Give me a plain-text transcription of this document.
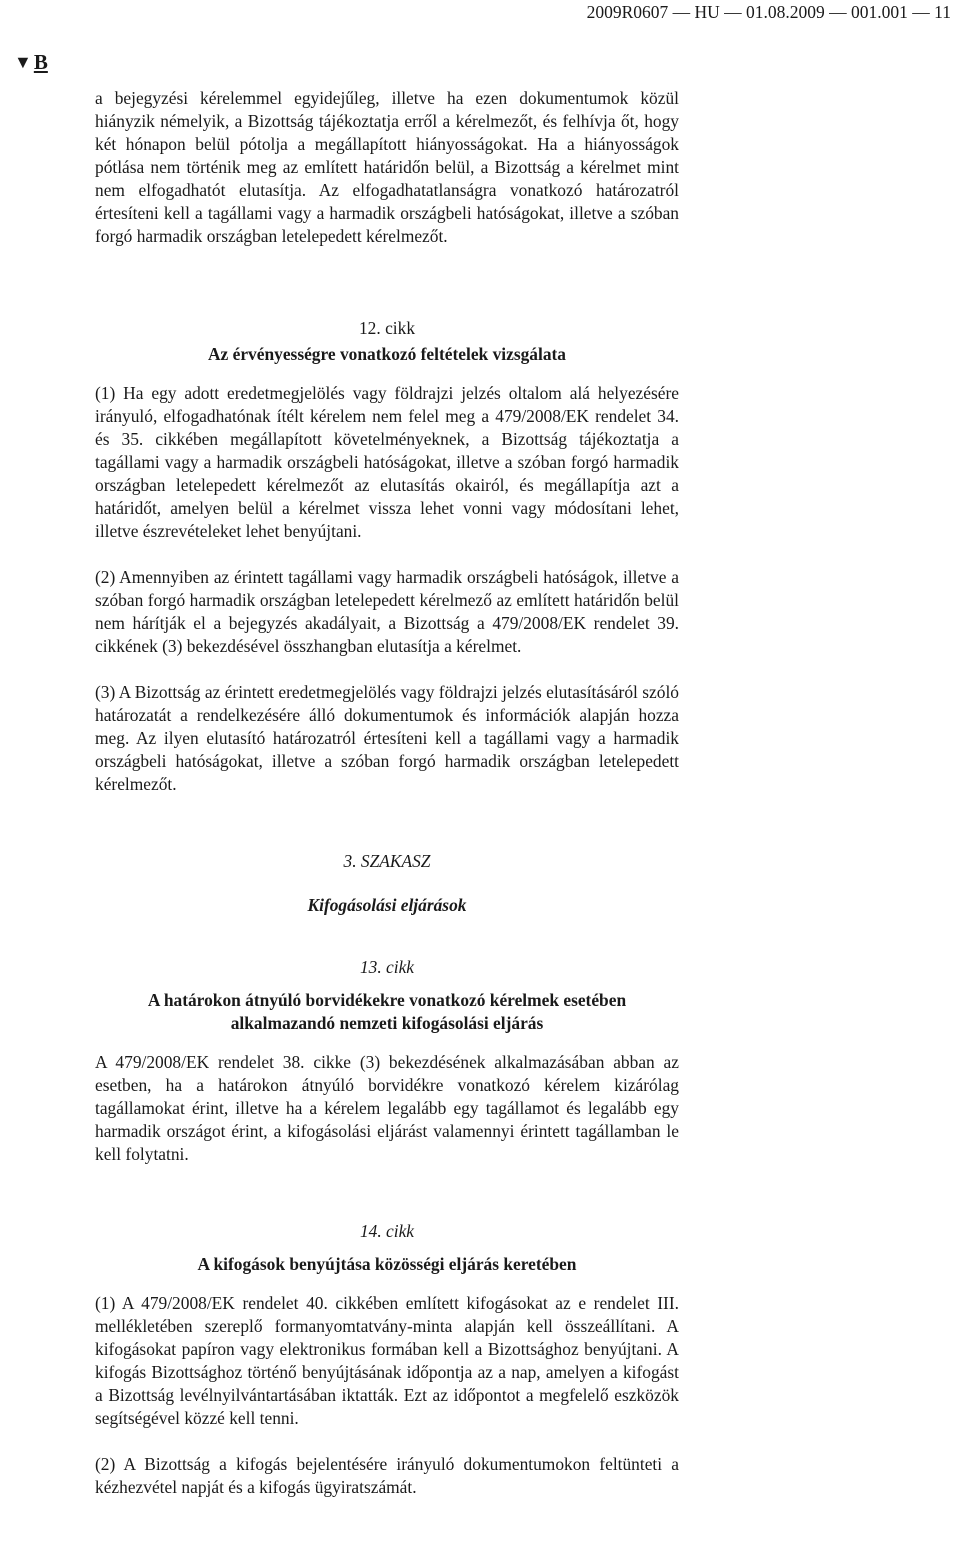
2009R0607 — HU — 01.08.2009 — 001.001 — 11
▼ B

a bejegyzési kérelemmel egyidejűleg, illetve ha ezen dokumentumok közül hiányzik némelyik, a Bizottság tájékoztatja erről a kérelmezőt, és felhívja őt, hogy két hónapon belül pótolja a megállapított hiányosságokat. Ha a hiányosságok pótlása nem történik meg az említett határidőn belül, a Bizottság a kérelmet mint nem elfogadhatót elutasítja. Az elfogadhatatlanságra vonatkozó határozatról értesíteni kell a tagállami vagy a harmadik országbeli hatóságokat, illetve a szóban forgó harmadik országban letelepedett kérelmezőt.

12. cikk

Az érvényességre vonatkozó feltételek vizsgálata

(1) Ha egy adott eredetmegjelölés vagy földrajzi jelzés oltalom alá helyezésére irányuló, elfogadhatónak ítélt kérelem nem felel meg a 479/2008/EK rendelet 34. és 35. cikkében megállapított követelményeknek, a Bizottság tájékoztatja a tagállami vagy a harmadik országbeli hatóságokat, illetve a szóban forgó harmadik országban letelepedett kérelmezőt az elutasítás okairól, és megállapítja azt a határidőt, amelyen belül a kérelmet vissza lehet vonni vagy módosítani lehet, illetve észrevételeket lehet benyújtani.

(2) Amennyiben az érintett tagállami vagy harmadik országbeli hatóságok, illetve a szóban forgó harmadik országban letelepedett kérelmező az említett határidőn belül nem hárítják el a bejegyzés akadályait, a Bizottság a 479/2008/EK rendelet 39. cikkének (3) bekezdésével összhangban elutasítja a kérelmet.

(3) A Bizottság az érintett eredetmegjelölés vagy földrajzi jelzés elutasításáról szóló határozatát a rendelkezésére álló dokumentumok és információk alapján hozza meg. Az ilyen elutasító határozatról értesíteni kell a tagállami vagy a harmadik országbeli hatóságokat, illetve a szóban forgó harmadik országban letelepedett kérelmezőt.

3. SZAKASZ

Kifogásolási eljárások

13. cikk

A határokon átnyúló borvidékekre vonatkozó kérelmek esetében alkalmazandó nemzeti kifogásolási eljárás

A 479/2008/EK rendelet 38. cikke (3) bekezdésének alkalmazásában abban az esetben, ha a határokon átnyúló borvidékre vonatkozó kérelem kizárólag tagállamokat érint, illetve ha a kérelem legalább egy tagállamot és legalább egy harmadik országot érint, a kifogásolási eljárást valamennyi érintett tagállamban le kell folytatni.

14. cikk

A kifogások benyújtása közösségi eljárás keretében

(1) A 479/2008/EK rendelet 40. cikkében említett kifogásokat az e rendelet III. mellékletében szereplő formanyomtatvány-minta alapján kell összeállítani. A kifogásokat papíron vagy elektronikus formában kell a Bizottsághoz benyújtani. A kifogás Bizottsághoz történő benyújtásának időpontja az a nap, amelyen a kifogást a Bizottság levélnyilvántartásában iktatták. Ezt az időpontot a megfelelő eszközök segítségével közzé kell tenni.

(2) A Bizottság a kifogás bejelentésére irányuló dokumentumokon feltünteti a kézhezvétel napját és a kifogás ügyiratszámát.
